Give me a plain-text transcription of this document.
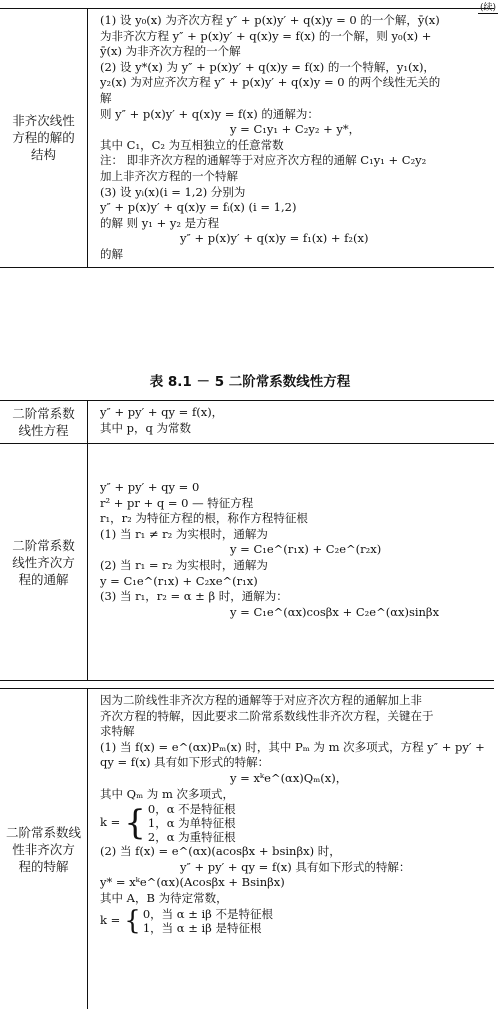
(续)
非齐次线性
方程的解的
结构
(1) 设 y₀(x) 为齐次方程 y″ + p(x)y′ + q(x)y = 0 的一个解，ȳ(x)
为非齐次方程 y″ + p(x)y′ + q(x)y = f(x) 的一个解，则 y₀(x) +
ȳ(x) 为非齐次方程的一个解
(2) 设 y*(x) 为 y″ + p(x)y′ + q(x)y = f(x) 的一个特解，y₁(x)，
y₂(x) 为对应齐次方程 y″ + p(x)y′ + q(x)y = 0 的两个线性无关的
解
则 y″ + p(x)y′ + q(x)y = f(x) 的通解为：
y = C₁y₁ + C₂y₂ + y*，
其中 C₁，C₂ 为互相独立的任意常数
注： 即非齐次方程的通解等于对应齐次方程的通解 C₁y₁ + C₂y₂
加上非齐次方程的一个特解
(3) 设 yᵢ(x)(i = 1,2) 分别为
y″ + p(x)y′ + q(x)y = fᵢ(x) (i = 1,2)
的解 则 y₁ + y₂ 是方程
y″ + p(x)y′ + q(x)y = f₁(x) + f₂(x)
的解
表 8.1 － 5 二阶常系数线性方程
二阶常系数
线性方程
y″ + py′ + qy = f(x)，
其中 p，q 为常数
二阶常系数
线性齐次方
程的通解
y″ + py′ + qy = 0
r² + pr + q = 0 — 特征方程
r₁，r₂ 为特征方程的根，称作方程特征根
(1) 当 r₁ ≠ r₂ 为实根时，通解为
y = C₁e^(r₁x) + C₂e^(r₂x)
(2) 当 r₁ = r₂ 为实根时，通解为
y = C₁e^(r₁x) + C₂xe^(r₁x)
(3) 当 r₁，r₂ = α ± β 时，通解为：
y = C₁e^(αx)cosβx + C₂e^(αx)sinβx
二阶常系数线
性非齐次方
程的特解
因为二阶线性非齐次方程的通解等于对应齐次方程的通解加上非
齐次方程的特解，因此要求二阶常系数线性非齐次方程，关键在于
求特解
(1) 当 f(x) = e^(αx)Pₘ(x) 时，其中 Pₘ 为 m 次多项式，方程 y″ + py′ +
qy = f(x) 具有如下形式的特解：
y = xᵏe^(αx)Qₘ(x)，
其中 Qₘ 为 m 次多项式，
k = { 0，α 不是特征根
1，α 为单特征根
2，α 为重特征根
(2) 当 f(x) = e^(αx)(acosβx + bsinβx) 时，
y″ + py′ + qy = f(x) 具有如下形式的特解：
y* = xᵏe^(αx)(Acosβx + Bsinβx)
其中 A，B 为待定常数，
k = { 0，当 α ± iβ 不是特征根
1，当 α ± iβ 是特征根
